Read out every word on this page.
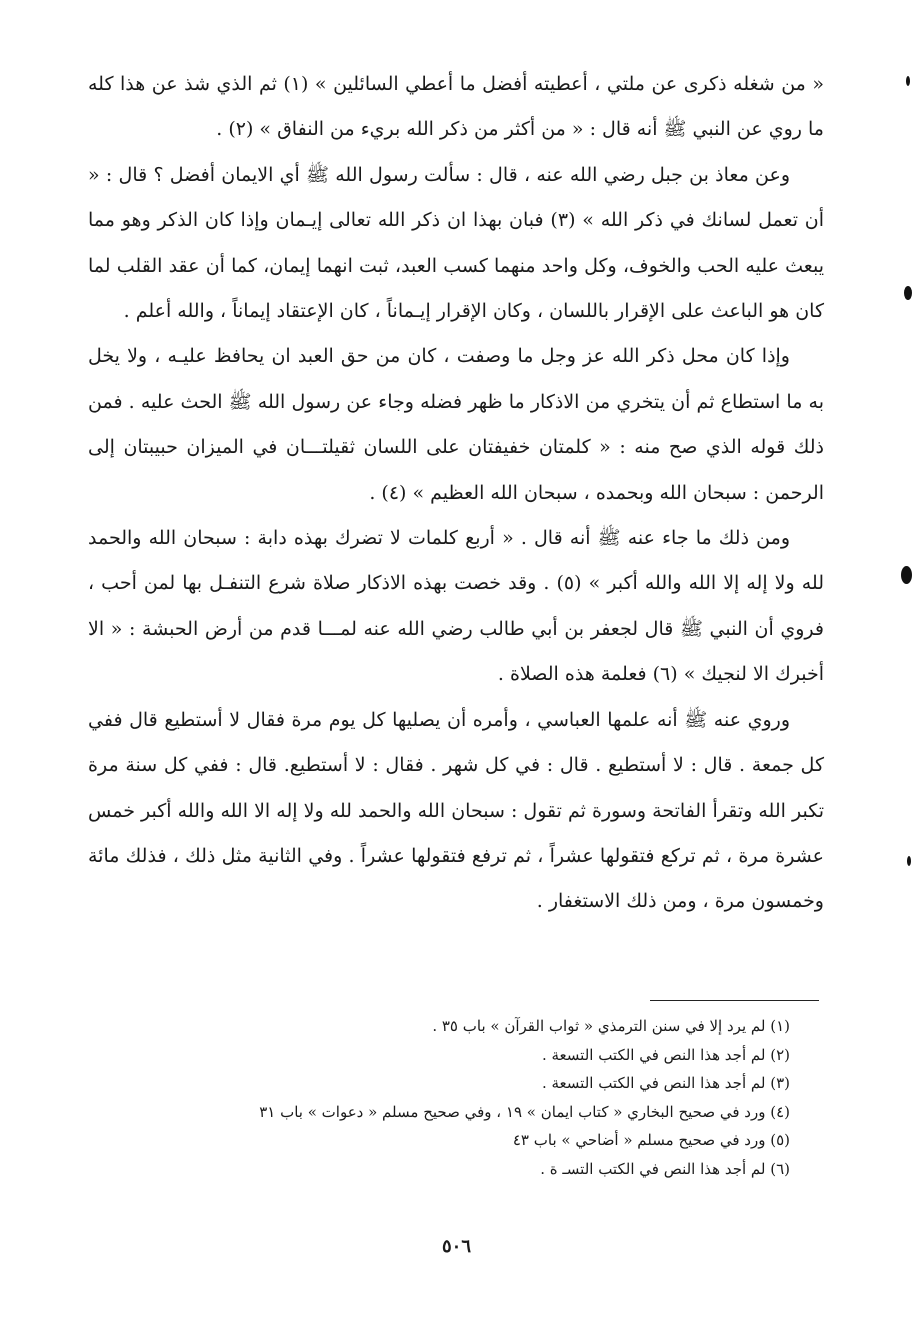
« من شغله ذكرى عن ملتي ، أعطيته أفضل ما أعطي السائلين » (١) ثم الذي شذ عن هذا كله ما روي عن النبي ﷺ أنه قال : « من أكثر من ذكر الله بريء من النفاق » (٢) .

وعن معاذ بن جبل رضي الله عنه ، قال : سألت رسول الله ﷺ أي الايمان أفضل ؟ قال : « أن تعمل لسانك في ذكر الله » (٣) فبان بهذا ان ذكر الله تعالى إيـمان وإذا كان الذكر وهو مما يبعث عليه الحب والخوف، وكل واحد منهما كسب العبد، ثبت انهما إيمان، كما أن عقد القلب لما كان هو الباعث على الإقرار باللسان ، وكان الإقرار إيـماناً ، كان الإعتقاد إيماناً ، والله أعلم .

وإذا كان محل ذكر الله عز وجل ما وصفت ، كان من حق العبد ان يحافظ عليـه ، ولا يخل به ما استطاع ثم أن يتخري من الاذكار ما ظهر فضله وجاء عن رسول الله ﷺ الحث عليه . فمن ذلك قوله الذي صح منه : « كلمتان خفيفتان على اللسان ثقيلتـــان في الميزان حبيبتان إلى الرحمن : سبحان الله وبحمده ، سبحان الله العظيم » (٤) .

ومن ذلك ما جاء عنه ﷺ أنه قال . « أربع كلمات لا تضرك بهذه دابة : سبحان الله والحمد لله ولا إله إلا الله والله أكبر » (٥) . وقد خصت بهذه الاذكار صلاة شرع التنفـل بها لمن أحب ، فروي أن النبي ﷺ قال لجعفر بن أبي طالب رضي الله عنه لمـــا قدم من أرض الحبشة : « الا أخبرك الا لنجيك » (٦) فعلمة هذه الصلاة .

وروي عنه ﷺ أنه علمها العباسي ، وأمره أن يصليها كل يوم مرة فقال لا أستطيع قال ففي كل جمعة . قال : لا أستطيع . قال : في كل شهر . فقال : لا أستطيع. قال : ففي كل سنة مرة تكبر الله وتقرأ الفاتحة وسورة ثم تقول : سبحان الله والحمد لله ولا إله الا الله والله أكبر خمس عشرة مرة ، ثم تركع فتقولها عشراً ، ثم ترفع فتقولها عشراً . وفي الثانية مثل ذلك ، فذلك مائة وخمسون مرة ، ومن ذلك الاستغفار .

(١) لم يرد إلا في سنن الترمذي « ثواب القرآن » باب ٣٥ .
(٢) لم أجد هذا النص في الكتب التسعة .
(٣) لم أجد هذا النص في الكتب التسعة .
(٤) ورد في صحيح البخاري « كتاب ايمان » ١٩ ، وفي صحيح مسلم « دعوات » باب ٣١
(٥) ورد في صحيح مسلم « أضاحي » باب ٤٣
(٦) لم أجد هذا النص في الكتب التسـ ة .
٥٠٦
